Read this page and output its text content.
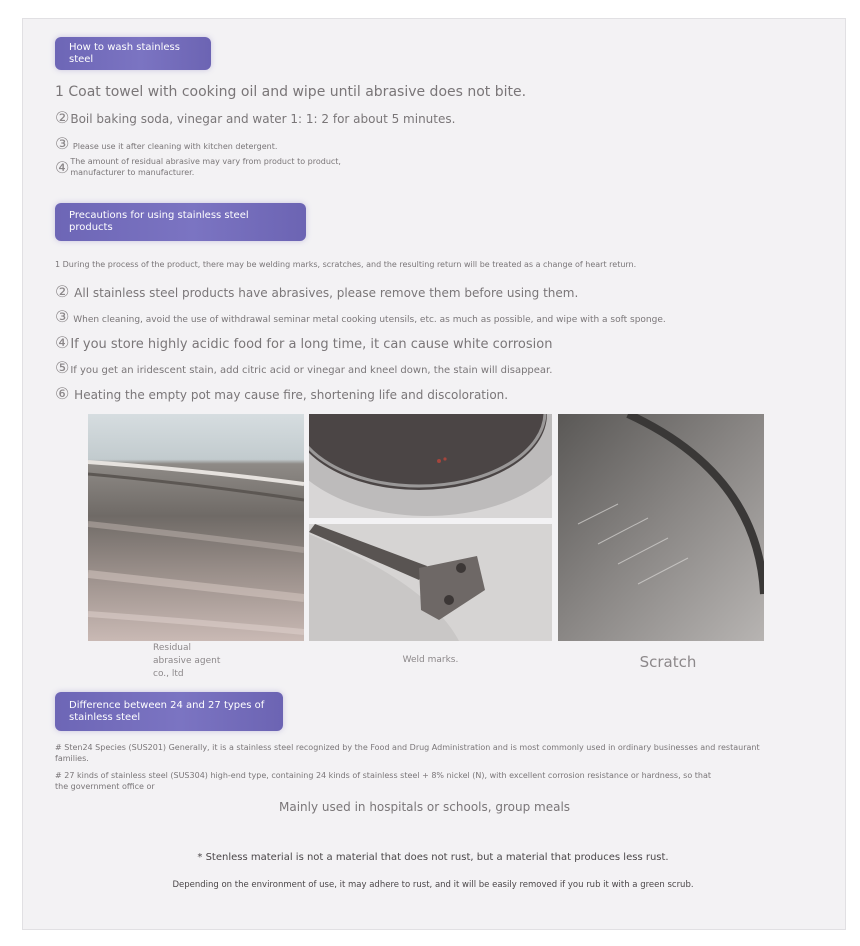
How to wash stainless steel
1 Coat towel with cooking oil and wipe until abrasive does not bite.
②Boil baking soda, vinegar and water 1: 1: 2 for about 5 minutes.
③ Please use it after cleaning with kitchen detergent.
④ The amount of residual abrasive may vary from product to product, manufacturer to manufacturer.
Precautions for using stainless steel products
1 During the process of the product, there may be welding marks, scratches, and the resulting return will be treated as a change of heart return.
② All stainless steel products have abrasives, please remove them before using them.
③ When cleaning, avoid the use of withdrawal seminar metal cooking utensils, etc. as much as possible, and wipe with a soft sponge.
④If you store highly acidic food for a long time, it can cause white corrosion
⑤If you get an iridescent stain, add citric acid or vinegar and kneel down, the stain will disappear.
⑥ Heating the empty pot may cause fire, shortening life and discoloration.
Residual abrasive agent co., ltd
Weld marks.	Scratch
Difference between 24 and 27 types of stainless steel
# Sten24 Species (SUS201) Generally, it is a stainless steel recognized by the Food and Drug Administration and is most commonly used in ordinary businesses and restaurant families.
# 27 kinds of stainless steel (SUS304) high-end type, containing 24 kinds of stainless steel + 8% nickel (N), with excellent corrosion resistance or hardness, so that the government office or
Mainly used in hospitals or schools, group meals
* Stenless material is not a material that does not rust, but a material that produces less rust.
Depending on the environment of use, it may adhere to rust, and it will be easily removed if you rub it with a green scrub.
